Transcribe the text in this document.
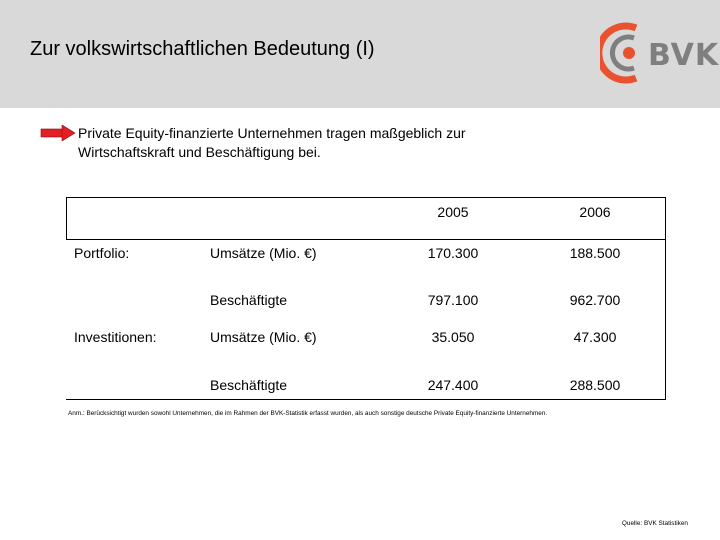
Zur volkswirtschaftlichen Bedeutung (I)	BVK
Private Equity-finanzierte Unternehmen tragen maßgeblich zur
Wirtschaftskraft und Beschäftigung bei.
2005	2006
Portfolio:	Umsätze (Mio. €)	170.300	188.500
Beschäftigte	797.100	962.700
Investitionen:	Umsätze (Mio. €)	35.050	47.300
Beschäftigte	247.400	288.500
Anm.: Berücksichtigt wurden sowohl Unternehmen, die im Rahmen der BVK-Statistik erfasst wurden, als auch sonstige deutsche Private Equity-finanzierte Unternehmen.
Quelle: BVK Statistiken
